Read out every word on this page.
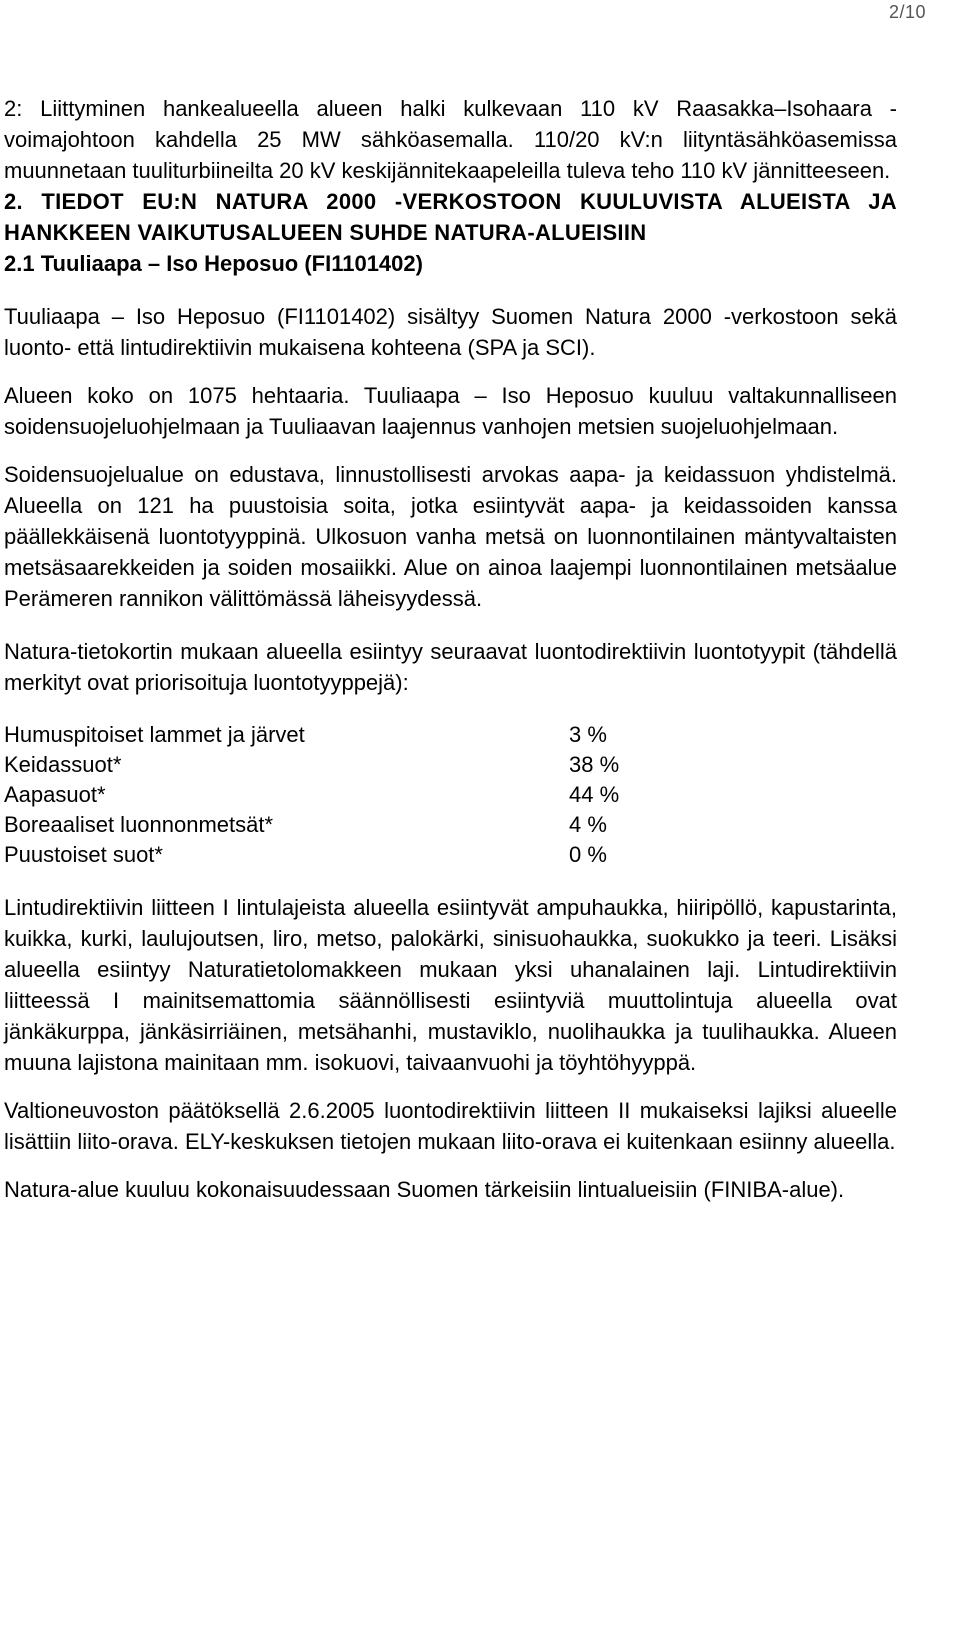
2/10

2: Liittyminen hankealueella alueen halki kulkevaan 110 kV Raasakka–Isohaara -voimajohtoon kahdella 25 MW sähköasemalla. 110/20 kV:n liityntäsähköasemissa muunnetaan tuuliturbiineilta 20 kV keskijännitekaapeleilla tuleva teho 110 kV jännitteeseen.

2. TIEDOT EU:N NATURA 2000 -VERKOSTOON KUULUVISTA ALUEISTA JA HANKKEEN VAIKUTUSALUEEN SUHDE NATURA-ALUEISIIN
2.1 Tuuliaapa – Iso Heposuo (FI1101402)

Tuuliaapa – Iso Heposuo (FI1101402) sisältyy Suomen Natura 2000 -verkostoon sekä luonto- että lintudirektiivin mukaisena kohteena (SPA ja SCI).

Alueen koko on 1075 hehtaaria. Tuuliaapa – Iso Heposuo kuuluu valtakunnalliseen soidensuojeluohjelmaan ja Tuuliaavan laajennus vanhojen metsien suojeluohjelmaan.

Soidensuojelualue on edustava, linnustollisesti arvokas aapa- ja keidassuon yhdistelmä. Alueella on 121 ha puustoisia soita, jotka esiintyvät aapa- ja keidassoiden kanssa päällekkäisenä luontotyyppinä. Ulkosuon vanha metsä on luonnontilainen mäntyvaltaisten metsäsaarekkeiden ja soiden mosaiikki. Alue on ainoa laajempi luonnontilainen metsäalue Perämeren rannikon välittömässä läheisyydessä.

Natura-tietokortin mukaan alueella esiintyy seuraavat luontodirektiivin luontotyypit (tähdellä merkityt ovat priorisoituja luontotyyppejä):

Humuspitoiset lammet ja järvet	3 %
Keidassuot*	38 %
Aapasuot*	44 %
Boreaaliset luonnonmetsät*	4 %
Puustoiset suot*	0 %

Lintudirektiivin liitteen I lintulajeista alueella esiintyvät ampuhaukka, hiiripöllö, kapustarinta, kuikka, kurki, laulujoutsen, liro, metso, palokärki, sinisuohaukka, suokukko ja teeri. Lisäksi alueella esiintyy Naturatietolomakkeen mukaan yksi uhanalainen laji. Lintudirektiivin liitteessä I mainitsemattomia säännöllisesti esiintyviä muuttolintuja alueella ovat jänkäkurppa, jänkäsirriäinen, metsähanhi, mustaviklo, nuolihaukka ja tuulihaukka. Alueen muuna lajistona mainitaan mm. isokuovi, taivaanvuohi ja töyhtöhyyppä.

Valtioneuvoston päätöksellä 2.6.2005 luontodirektiivin liitteen II mukaiseksi lajiksi alueelle lisättiin liito-orava. ELY-keskuksen tietojen mukaan liito-orava ei kuitenkaan esiinny alueella.

Natura-alue kuuluu kokonaisuudessaan Suomen tärkeisiin lintualueisiin (FINIBA-alue).
